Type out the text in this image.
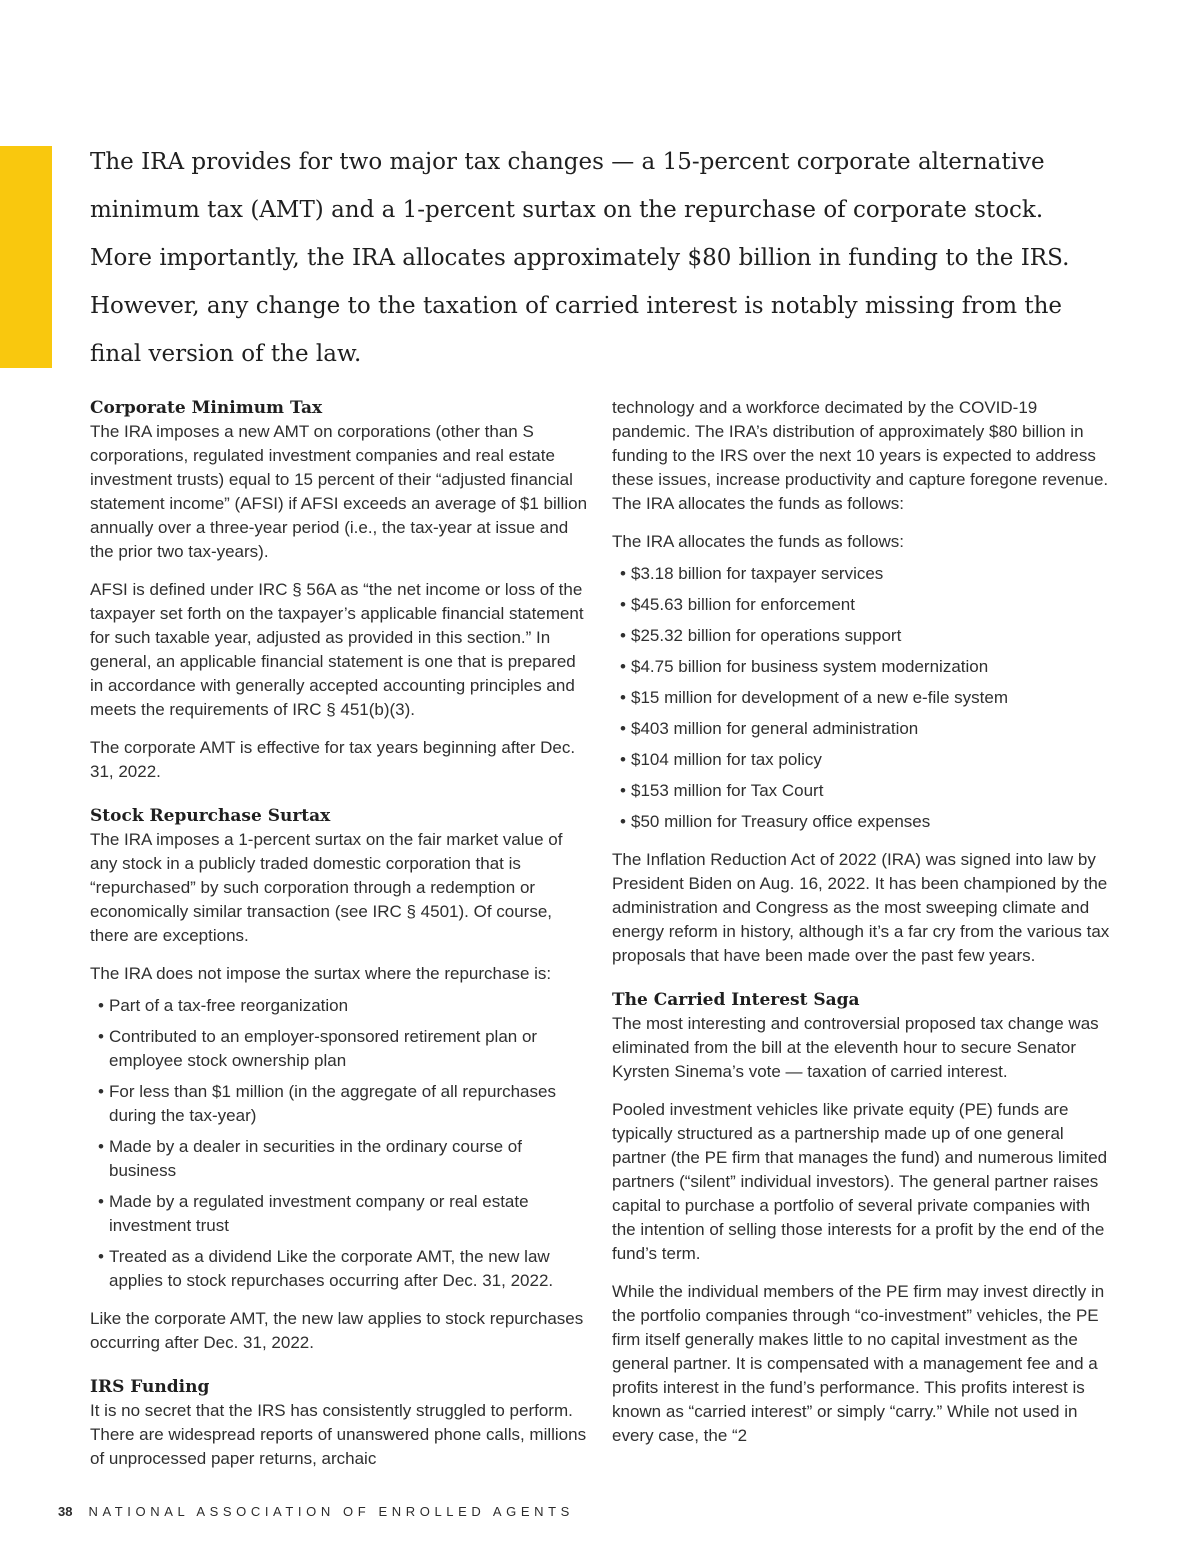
The IRA provides for two major tax changes — a 15-percent corporate alternative minimum tax (AMT) and a 1-percent surtax on the repurchase of corporate stock. More importantly, the IRA allocates approximately $80 billion in funding to the IRS. However, any change to the taxation of carried interest is notably missing from the final version of the law.

Corporate Minimum Tax

The IRA imposes a new AMT on corporations (other than S corporations, regulated investment companies and real estate investment trusts) equal to 15 percent of their “adjusted financial statement income” (AFSI) if AFSI exceeds an average of $1 billion annually over a three-year period (i.e., the tax-year at issue and the prior two tax-years).

AFSI is defined under IRC § 56A as “the net income or loss of the taxpayer set forth on the taxpayer’s applicable financial statement for such taxable year, adjusted as provided in this section.” In general, an applicable financial statement is one that is prepared in accordance with generally accepted accounting principles and meets the requirements of IRC § 451(b)(3).

The corporate AMT is effective for tax years beginning after Dec. 31, 2022.

Stock Repurchase Surtax

The IRA imposes a 1-percent surtax on the fair market value of any stock in a publicly traded domestic corporation that is “repurchased” by such corporation through a redemption or economically similar transaction (see IRC § 4501). Of course, there are exceptions.

The IRA does not impose the surtax where the repurchase is:

• Part of a tax-free reorganization
• Contributed to an employer-sponsored retirement plan or employee stock ownership plan
• For less than $1 million (in the aggregate of all repurchases during the tax-year)
• Made by a dealer in securities in the ordinary course of business
• Made by a regulated investment company or real estate investment trust
• Treated as a dividend Like the corporate AMT, the new law applies to stock repurchases occurring after Dec. 31, 2022.

Like the corporate AMT, the new law applies to stock repurchases occurring after Dec. 31, 2022.

IRS Funding

It is no secret that the IRS has consistently struggled to perform. There are widespread reports of unanswered phone calls, millions of unprocessed paper returns, archaic

technology and a workforce decimated by the COVID-19 pandemic. The IRA’s distribution of approximately $80 billion in funding to the IRS over the next 10 years is expected to address these issues, increase productivity and capture foregone revenue. The IRA allocates the funds as follows:

The IRA allocates the funds as follows:

• $3.18 billion for taxpayer services
• $45.63 billion for enforcement
• $25.32 billion for operations support
• $4.75 billion for business system modernization
• $15 million for development of a new e-file system
• $403 million for general administration
• $104 million for tax policy
• $153 million for Tax Court
• $50 million for Treasury office expenses

The Inflation Reduction Act of 2022 (IRA) was signed into law by President Biden on Aug. 16, 2022. It has been championed by the administration and Congress as the most sweeping climate and energy reform in history, although it’s a far cry from the various tax proposals that have been made over the past few years.

The Carried Interest Saga

The most interesting and controversial proposed tax change was eliminated from the bill at the eleventh hour to secure Senator Kyrsten Sinema’s vote — taxation of carried interest.

Pooled investment vehicles like private equity (PE) funds are typically structured as a partnership made up of one general partner (the PE firm that manages the fund) and numerous limited partners (“silent” individual investors). The general partner raises capital to purchase a portfolio of several private companies with the intention of selling those interests for a profit by the end of the fund’s term.

While the individual members of the PE firm may invest directly in the portfolio companies through “co-investment” vehicles, the PE firm itself generally makes little to no capital investment as the general partner. It is compensated with a management fee and a profits interest in the fund’s performance. This profits interest is known as “carried interest” or simply “carry.” While not used in every case, the “2

38 NATIONAL ASSOCIATION OF ENROLLED AGENTS
